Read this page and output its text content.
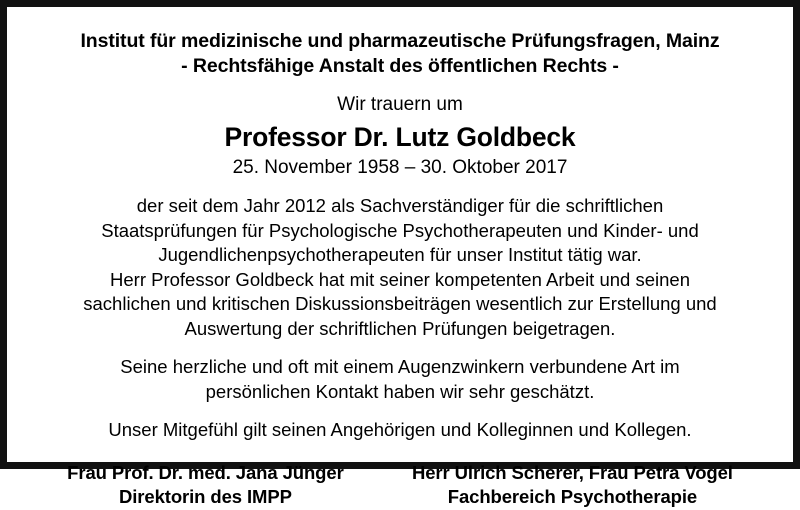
Institut für medizinische und pharmazeutische Prüfungsfragen, Mainz
- Rechtsfähige Anstalt des öffentlichen Rechts -
Wir trauern um
Professor Dr. Lutz Goldbeck
25. November 1958 – 30. Oktober 2017
der seit dem Jahr 2012 als Sachverständiger für die schriftlichen
Staatsprüfungen für Psychologische Psychotherapeuten und Kinder- und
Jugendlichenpsychotherapeuten für unser Institut tätig war.
Herr Professor Goldbeck hat mit seiner kompetenten Arbeit und seinen
sachlichen und kritischen Diskussionsbeiträgen wesentlich zur Erstellung und
Auswertung der schriftlichen Prüfungen beigetragen.
Seine herzliche und oft mit einem Augenzwinkern verbundene Art im
persönlichen Kontakt haben wir sehr geschätzt.
Unser Mitgefühl gilt seinen Angehörigen und Kolleginnen und Kollegen.
Frau Prof. Dr. med. Jana Jünger
Direktorin des IMPP
Herr Ulrich Scherer, Frau Petra Vogel
Fachbereich Psychotherapie
